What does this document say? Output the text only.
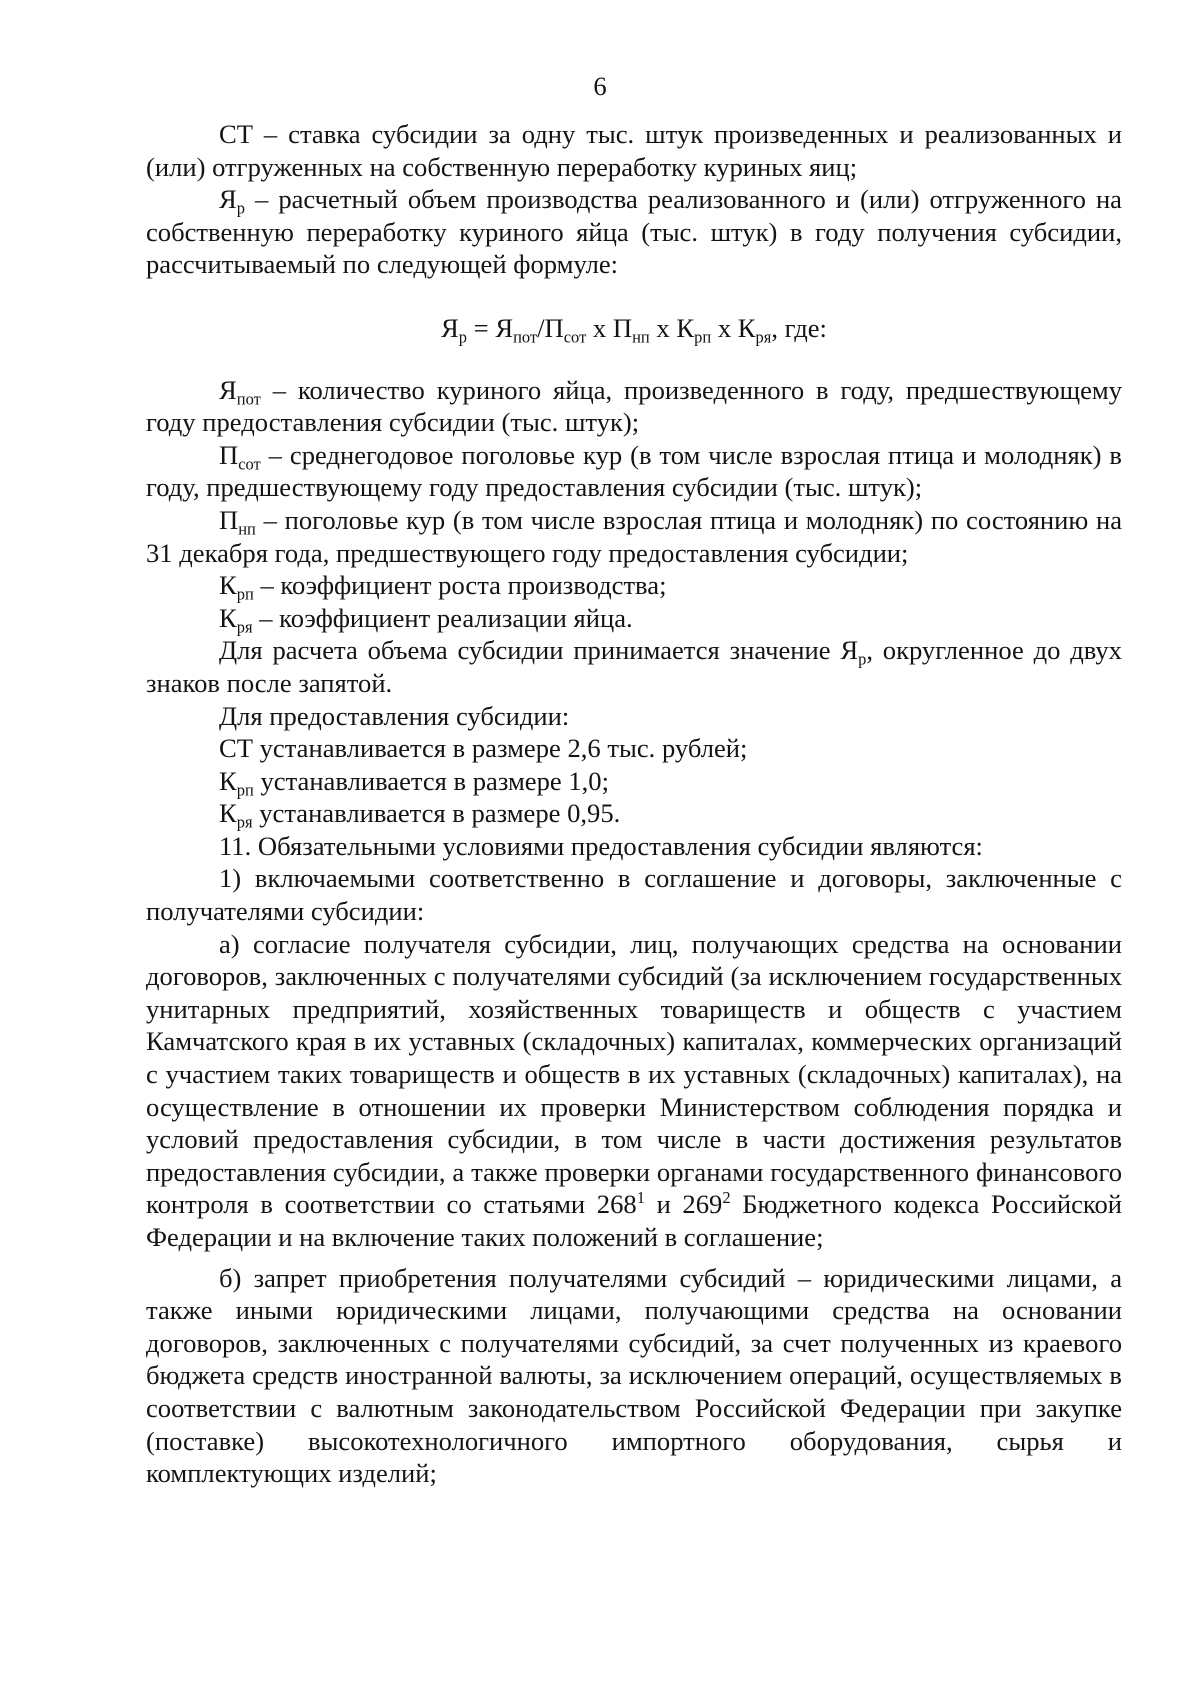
6

СТ – ставка субсидии за одну тыс. штук произведенных и реализованных и (или) отгруженных на собственную переработку куриных яиц;

$Я_р$ – расчетный объем производства реализованного и (или) отгруженного на собственную переработку куриного яйца (тыс. штук) в году получения субсидии, рассчитываемый по следующей формуле:

$Я_р = Я_{пот}/П_{сот}$ х $П_{нп}$ х $К_{рп}$ х $К_{ря}$, где:

$Я_{пот}$ – количество куриного яйца, произведенного в году, предшествующему году предоставления субсидии (тыс. штук);

$П_{сот}$ – среднегодовое поголовье кур (в том числе взрослая птица и молодняк) в году, предшествующему году предоставления субсидии (тыс. штук);

$П_{нп}$ – поголовье кур (в том числе взрослая птица и молодняк) по состоянию на 31 декабря года, предшествующего году предоставления субсидии;

$К_{рп}$ – коэффициент роста производства;

$К_{ря}$ – коэффициент реализации яйца.

Для расчета объема субсидии принимается значение $Я_р$, округленное до двух знаков после запятой.

Для предоставления субсидии:

СТ устанавливается в размере 2,6 тыс. рублей;

$К_{рп}$ устанавливается в размере 1,0;

$К_{ря}$ устанавливается в размере 0,95.

11. Обязательными условиями предоставления субсидии являются:

1) включаемыми соответственно в соглашение и договоры, заключенные с получателями субсидии:

а) согласие получателя субсидии, лиц, получающих средства на основании договоров, заключенных с получателями субсидий (за исключением государственных унитарных предприятий, хозяйственных товариществ и обществ с участием Камчатского края в их уставных (складочных) капиталах, коммерческих организаций с участием таких товариществ и обществ в их уставных (складочных) капиталах), на осуществление в отношении их проверки Министерством соблюдения порядка и условий предоставления субсидии, в том числе в части достижения результатов предоставления субсидии, а также проверки органами государственного финансового контроля в соответствии со статьями $268^1$ и $269^2$ Бюджетного кодекса Российской Федерации и на включение таких положений в соглашение;

б) запрет приобретения получателями субсидий – юридическими лицами, а также иными юридическими лицами, получающими средства на основании договоров, заключенных с получателями субсидий, за счет полученных из краевого бюджета средств иностранной валюты, за исключением операций, осуществляемых в соответствии с валютным законодательством Российской Федерации при закупке (поставке) высокотехнологичного импортного оборудования, сырья и комплектующих изделий;
